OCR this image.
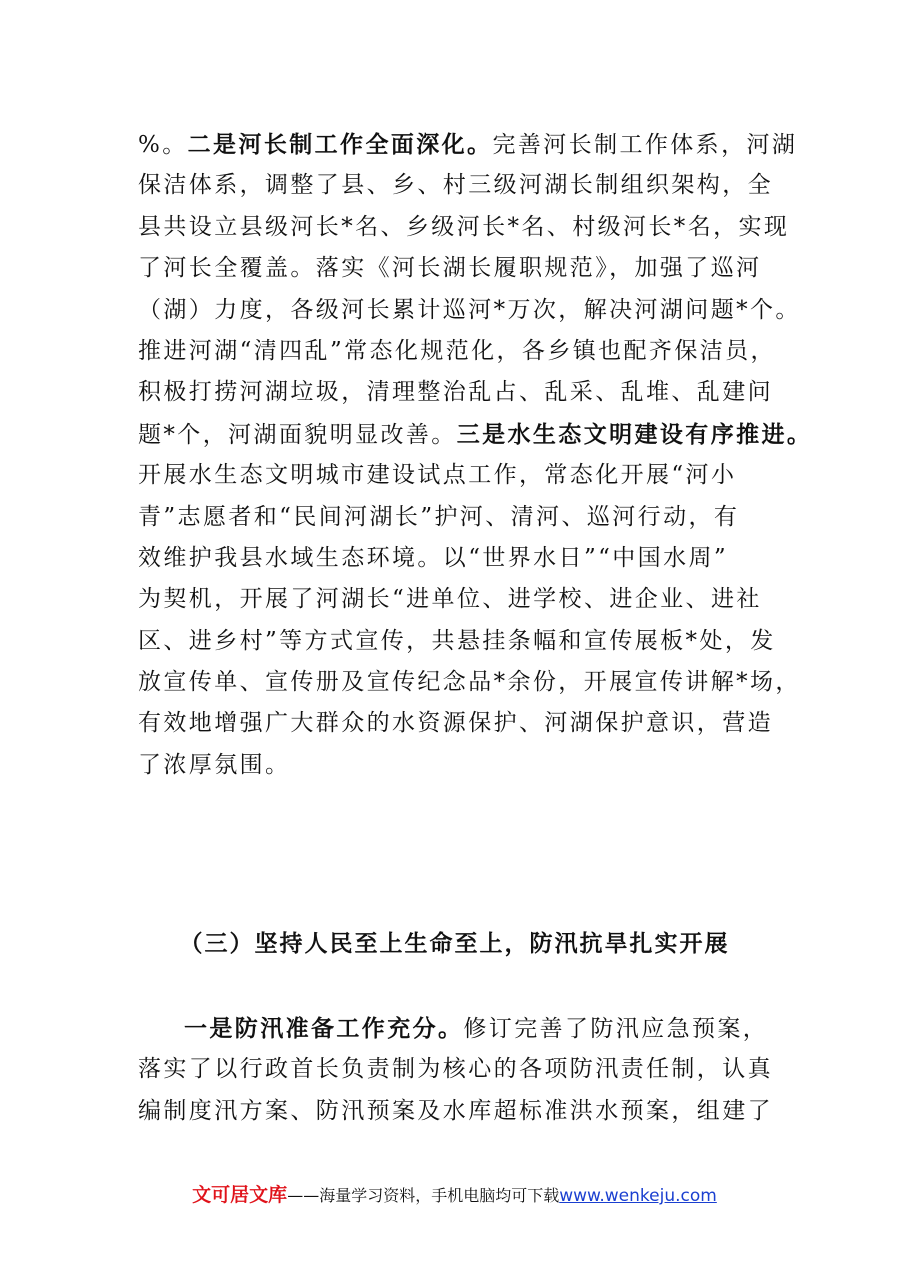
%。二是河长制工作全面深化。完善河长制工作体系，河湖
保洁体系，调整了县、乡、村三级河湖长制组织架构，全
县共设立县级河长*名、乡级河长*名、村级河长*名，实现
了河长全覆盖。落实《河长湖长履职规范》，加强了巡河
（湖）力度，各级河长累计巡河*万次，解决河湖问题*个。
推进河湖“清四乱”常态化规范化，各乡镇也配齐保洁员，
积极打捞河湖垃圾，清理整治乱占、乱采、乱堆、乱建问
题*个，河湖面貌明显改善。三是水生态文明建设有序推进。
开展水生态文明城市建设试点工作，常态化开展“河小
青”志愿者和“民间河湖长”护河、清河、巡河行动，有
效维护我县水域生态环境。以“世界水日”“中国水周”
为契机，开展了河湖长“进单位、进学校、进企业、进社
区、进乡村”等方式宣传，共悬挂条幅和宣传展板*处，发
放宣传单、宣传册及宣传纪念品*余份，开展宣传讲解*场，
有效地增强广大群众的水资源保护、河湖保护意识，营造
了浓厚氛围。
（三）坚持人民至上生命至上，防汛抗旱扎实开展
一是防汛准备工作充分。修订完善了防汛应急预案，
落实了以行政首长负责制为核心的各项防汛责任制，认真
编制度汛方案、防汛预案及水库超标准洪水预案，组建了
文可居文库——海量学习资料，手机电脑均可下载www.wenkeju.com
